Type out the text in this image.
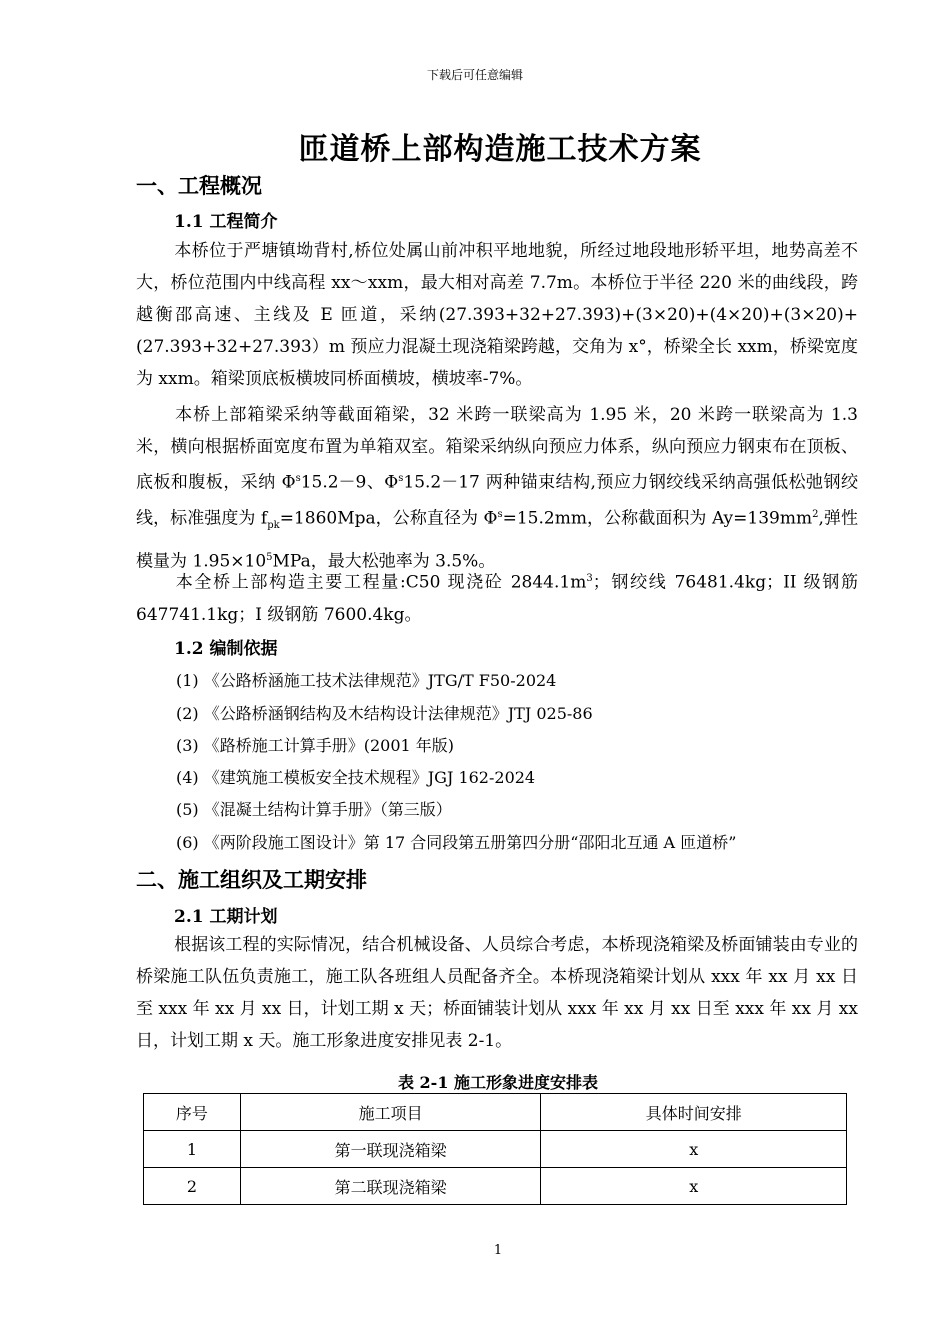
下载后可任意编辑
匝道桥上部构造施工技术方案
一、工程概况
1.1 工程简介
本桥位于严塘镇坳背村,桥位处属山前冲积平地地貌，所经过地段地形轿平坦，地势高差不大，桥位范围内中线高程 xx～xxm，最大相对高差 7.7m。本桥位于半径 220 米的曲线段，跨越衡邵高速、主线及 E 匝道，采纳(27.393+32+27.393)+(3×20)+(4×20)+(3×20)+(27.393+32+27.393）m 预应力混凝土现浇箱梁跨越，交角为 x°，桥梁全长 xxm，桥梁宽度为 xxm。箱梁顶底板横坡同桥面横坡，横坡率-7%。
本桥上部箱梁采纳等截面箱梁，32 米跨一联梁高为 1.95 米，20 米跨一联梁高为 1.3 米，横向根据桥面宽度布置为单箱双室。箱梁采纳纵向预应力体系，纵向预应力钢束布在顶板、底板和腹板，采纳 $\Phi^s15.2-9$、$\Phi^s15.2-17$ 两种锚束结构,预应力钢绞线采纳高强低松弛钢绞线，标准强度为 $f_{pk}=1860Mpa$，公称直径为 $\Phi^s=15.2mm$，公称截面积为 $Ay=139mm^2$,弹性模量为 $1.95\times 10^5MPa$，最大松弛率为 3.5%。
本全桥上部构造主要工程量:C50 现浇砼 $2844.1m^3$；钢绞线 76481.4kg；II 级钢筋 647741.1kg；I 级钢筋 7600.4kg。
1.2 编制依据
(1) 《公路桥涵施工技术法律规范》JTG/T F50-2024
(2) 《公路桥涵钢结构及木结构设计法律规范》JTJ 025-86
(3) 《路桥施工计算手册》(2001 年版)
(4) 《建筑施工模板安全技术规程》JGJ 162-2024
(5) 《混凝土结构计算手册》（第三版）
(6) 《两阶段施工图设计》第 17 合同段第五册第四分册“邵阳北互通 A 匝道桥”
二、施工组织及工期安排
2.1 工期计划
根据该工程的实际情况，结合机械设备、人员综合考虑，本桥现浇箱梁及桥面铺装由专业的桥梁施工队伍负责施工，施工队各班组人员配备齐全。本桥现浇箱梁计划从 xxx 年 xx 月 xx 日至 xxx 年 xx 月 xx 日，计划工期 x 天；桥面铺装计划从 xxx 年 xx 月 xx 日至 xxx 年 xx 月 xx 日，计划工期 x 天。施工形象进度安排见表 2-1。
表 2-1 施工形象进度安排表
序号	施工项目	具体时间安排
1	第一联现浇箱梁	x
2	第二联现浇箱梁	x
1
